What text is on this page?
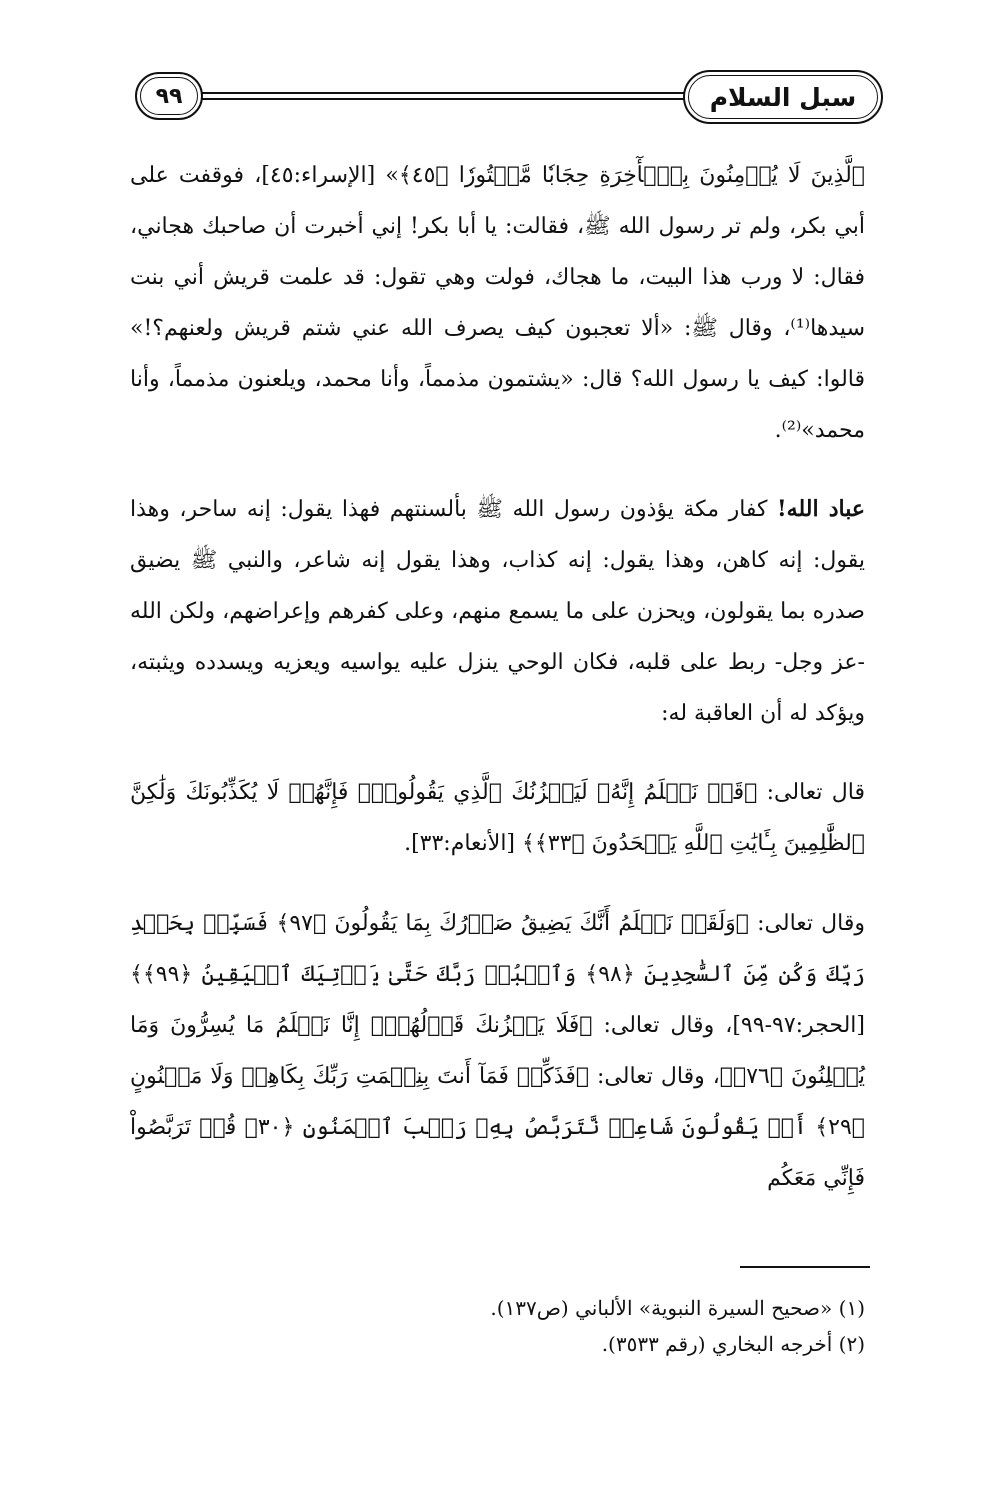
٩٩	سبل السلام
ٱلَّذِينَ لَا يُؤۡمِنُونَ بِٱلۡأٓخِرَةِ حِجَابٗا مَّسۡتُورٗا ﴿٤٥﴾» [الإسراء:٤٥]، فوقفت على أبي بكر، ولم تر رسول الله ﷺ، فقالت: يا أبا بكر! إني أخبرت أن صاحبك هجاني، فقال: لا ورب هذا البيت، ما هجاك، فولت وهي تقول: قد علمت قريش أني بنت سيدها⁽¹⁾، وقال ﷺ: «ألا تعجبون كيف يصرف الله عني شتم قريش ولعنهم؟!» قالوا: كيف يا رسول الله؟ قال: «يشتمون مذمماً، وأنا محمد، ويلعنون مذمماً، وأنا محمد»⁽²⁾.
عباد الله! كفار مكة يؤذون رسول الله ﷺ بألسنتهم فهذا يقول: إنه ساحر، وهذا يقول: إنه كاهن، وهذا يقول: إنه كذاب، وهذا يقول إنه شاعر، والنبي ﷺ يضيق صدره بما يقولون، ويحزن على ما يسمع منهم، وعلى كفرهم وإعراضهم، ولكن الله -عز وجل- ربط على قلبه، فكان الوحي ينزل عليه يواسيه ويعزيه ويسدده ويثبته، ويؤكد له أن العاقبة له:
قال تعالى: ﴿قَدۡ نَعۡلَمُ إِنَّهُۥ لَيَحۡزُنُكَ ٱلَّذِي يَقُولُونَۖ فَإِنَّهُمۡ لَا يُكَذِّبُونَكَ وَلَٰكِنَّ ٱلظَّٰلِمِينَ بِـَٔايَٰتِ ٱللَّهِ يَجۡحَدُونَ ﴿٣٣﴾﴾ [الأنعام:٣٣].
وقال تعالى: ﴿وَلَقَدۡ نَعۡلَمُ أَنَّكَ يَضِيقُ صَدۡرُكَ بِمَا يَقُولُونَ ﴿٩٧﴾ فَسَبِّحۡ بِحَمۡدِ رَبِّكَ وَكُن مِّنَ ٱلسَّٰجِدِينَ ﴿٩٨﴾ وَٱعۡبُدۡ رَبَّكَ حَتَّىٰ يَأۡتِيَكَ ٱلۡيَقِينُ ﴿٩٩﴾﴾ [الحجر:٩٧-٩٩]، وقال تعالى: ﴿فَلَا يَحۡزُنكَ قَوۡلُهُمۡۘ إِنَّا نَعۡلَمُ مَا يُسِرُّونَ وَمَا يُعۡلِنُونَ ﴿٧٦﴾﴾، وقال تعالى: ﴿فَذَكِّرۡ فَمَآ أَنتَ بِنِعۡمَتِ رَبِّكَ بِكَاهِنٖ وَلَا مَجۡنُونٍ ﴿٢٩﴾ أَمۡ يَقُولُونَ شَاعِرٞ نَّتَرَبَّصُ بِهِۦ رَيۡبَ ٱلۡمَنُونِ ﴿٣٠﴾ قُلۡ تَرَبَّصُواْ فَإِنِّي مَعَكُم
(١) «صحيح السيرة النبوية» الألباني (ص١٣٧).
(٢) أخرجه البخاري (رقم ٣٥٣٣).
